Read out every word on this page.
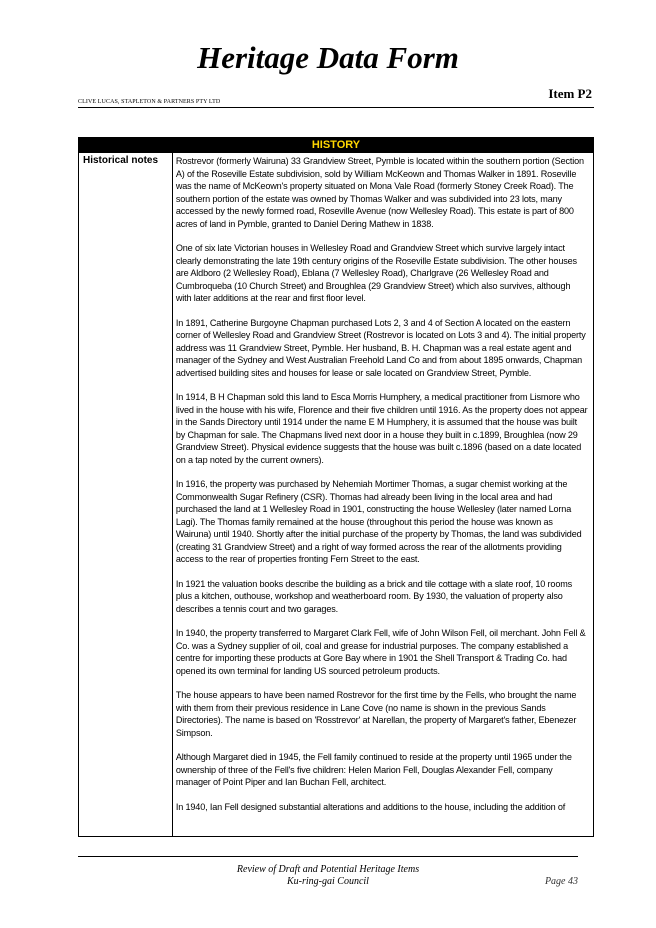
Heritage Data Form
Item P2
CLIVE LUCAS, STAPLETON & PARTNERS PTY LTD
HISTORY
Historical notes	Rostrevor (formerly Wairuna) 33 Grandview Street, Pymble is located within the southern portion (Section A) of the Roseville Estate subdivision, sold by William McKeown and Thomas Walker in 1891. Roseville was the name of McKeown's property situated on Mona Vale Road (formerly Stoney Creek Road). The southern portion of the estate was owned by Thomas Walker and was subdivided into 23 lots, many accessed by the newly formed road, Roseville Avenue (now Wellesley Road). This estate is part of 800 acres of land in Pymble, granted to Daniel Dering Mathew in 1838.

One of six late Victorian houses in Wellesley Road and Grandview Street which survive largely intact clearly demonstrating the late 19th century origins of the Roseville Estate subdivision. The other houses are Aldboro (2 Wellesley Road), Eblana (7 Wellesley Road), Charlgrave (26 Wellesley Road and Cumbroqueba (10 Church Street) and Broughlea (29 Grandview Street) which also survives, although with later additions at the rear and first floor level.

In 1891, Catherine Burgoyne Chapman purchased Lots 2, 3 and 4 of Section A located on the eastern corner of Wellesley Road and Grandview Street (Rostrevor is located on Lots 3 and 4). The initial property address was 11 Grandview Street, Pymble. Her husband, B. H. Chapman was a real estate agent and manager of the Sydney and West Australian Freehold Land Co and from about 1895 onwards, Chapman advertised building sites and houses for lease or sale located on Grandview Street, Pymble.

In 1914, B H Chapman sold this land to Esca Morris Humphery, a medical practitioner from Lismore who lived in the house with his wife, Florence and their five children until 1916. As the property does not appear in the Sands Directory until 1914 under the name E M Humphery, it is assumed that the house was built by Chapman for sale. The Chapmans lived next door in a house they built in c.1899, Broughlea (now 29 Grandview Street). Physical evidence suggests that the house was built c.1896 (based on a date located on a tap noted by the current owners).

In 1916, the property was purchased by Nehemiah Mortimer Thomas, a sugar chemist working at the Commonwealth Sugar Refinery (CSR). Thomas had already been living in the local area and had purchased the land at 1 Wellesley Road in 1901, constructing the house Wellesley (later named Lorna Lagi). The Thomas family remained at the house (throughout this period the house was known as Wairuna) until 1940. Shortly after the initial purchase of the property by Thomas, the land was subdivided (creating 31 Grandview Street) and a right of way formed across the rear of the allotments providing access to the rear of properties fronting Fern Street to the east.

In 1921 the valuation books describe the building as a brick and tile cottage with a slate roof, 10 rooms plus a kitchen, outhouse, workshop and weatherboard room. By 1930, the valuation of property also describes a tennis court and two garages.

In 1940, the property transferred to Margaret Clark Fell, wife of John Wilson Fell, oil merchant. John Fell & Co. was a Sydney supplier of oil, coal and grease for industrial purposes. The company established a centre for importing these products at Gore Bay where in 1901 the Shell Transport & Trading Co. had opened its own terminal for landing US sourced petroleum products.

The house appears to have been named Rostrevor for the first time by the Fells, who brought the name with them from their previous residence in Lane Cove (no name is shown in the previous Sands Directories). The name is based on 'Rosstrevor' at Narellan, the property of Margaret's father, Ebenezer Simpson.

Although Margaret died in 1945, the Fell family continued to reside at the property until 1965 under the ownership of three of the Fell's five children: Helen Marion Fell, Douglas Alexander Fell, company manager of Point Piper and Ian Buchan Fell, architect.

In 1940, Ian Fell designed substantial alterations and additions to the house, including the addition of

Review of Draft and Potential Heritage Items
Ku-ring-gai Council	Page 43
